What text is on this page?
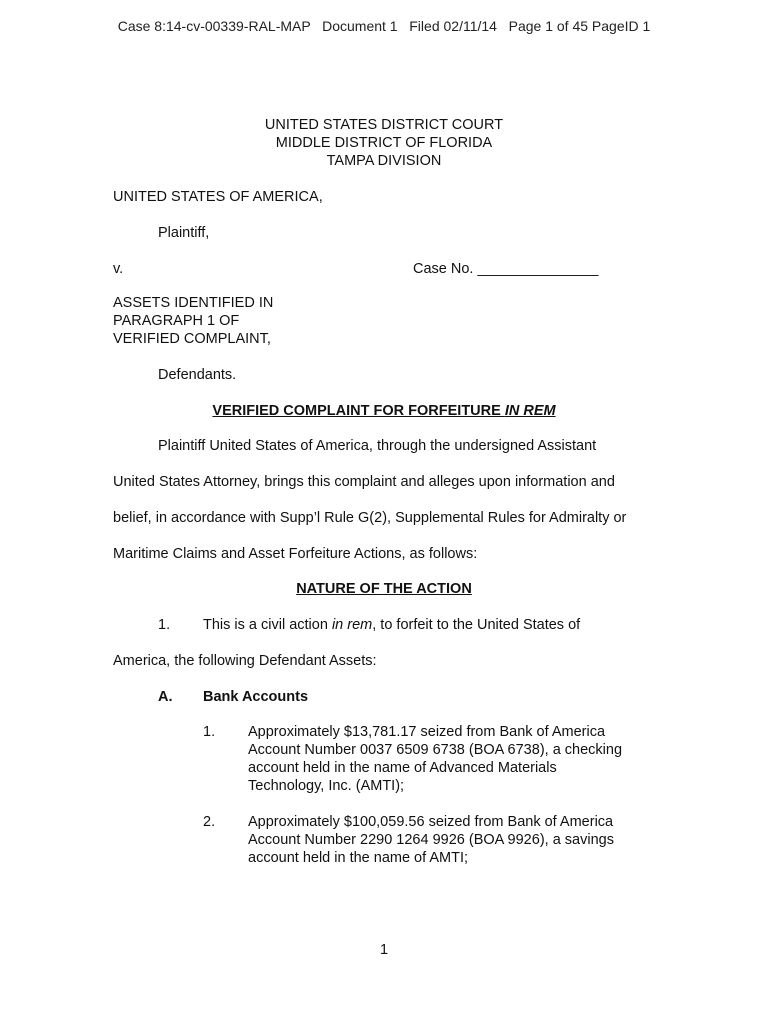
Case 8:14-cv-00339-RAL-MAP   Document 1   Filed 02/11/14   Page 1 of 45 PageID 1
UNITED STATES DISTRICT COURT
MIDDLE DISTRICT OF FLORIDA
TAMPA DIVISION
UNITED STATES OF AMERICA,
Plaintiff,
v.	Case No. _______________
ASSETS IDENTIFIED IN
PARAGRAPH 1 OF
VERIFIED COMPLAINT,
Defendants.
VERIFIED COMPLAINT FOR FORFEITURE IN REM
Plaintiff United States of America, through the undersigned Assistant
United States Attorney, brings this complaint and alleges upon information and
belief, in accordance with Supp’l Rule G(2), Supplemental Rules for Admiralty or
Maritime Claims and Asset Forfeiture Actions, as follows:
NATURE OF THE ACTION
1. This is a civil action in rem, to forfeit to the United States of
America, the following Defendant Assets:
A. Bank Accounts
1. Approximately $13,781.17 seized from Bank of America
Account Number 0037 6509 6738 (BOA 6738), a checking
account held in the name of Advanced Materials
Technology, Inc. (AMTI);
2. Approximately $100,059.56 seized from Bank of America
Account Number 2290 1264 9926 (BOA 9926), a savings
account held in the name of AMTI;
1
